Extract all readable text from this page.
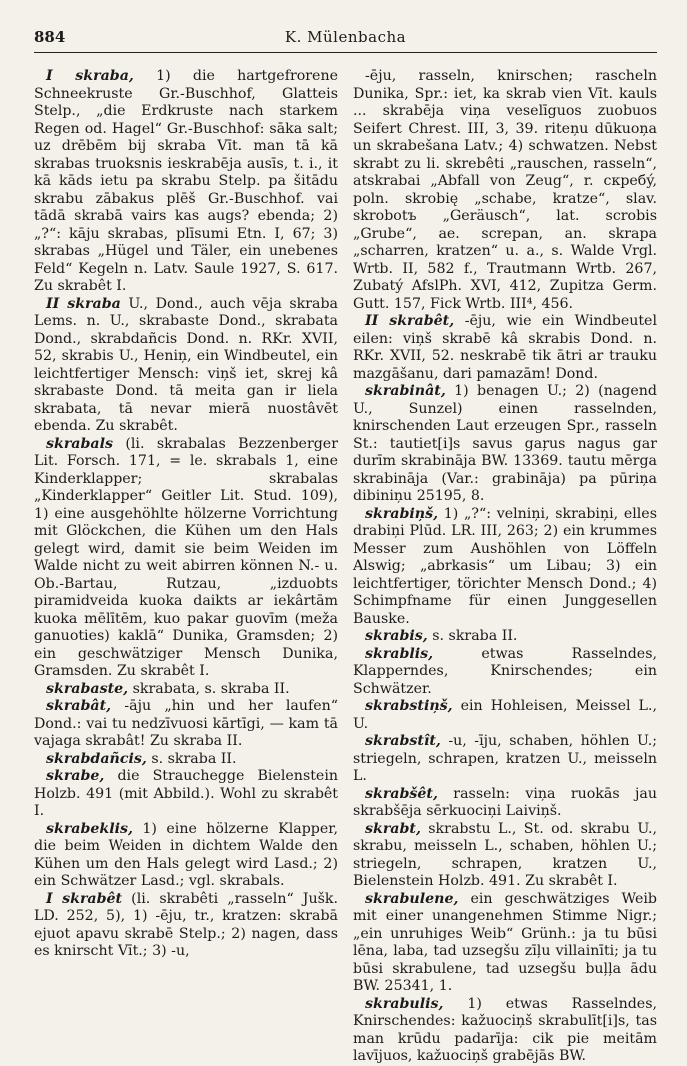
884	K. Mülenbacha

I skraba, 1) die hartgefrorene Schneekruste Gr.-Buschhof, Glatteis Stelp., „die Erdkruste nach starkem Regen od. Hagel“ Gr.-Buschhof: sāka salt; uz drēbēm bij skraba Vīt. man tā kā skrabas truoksnis ieskrabēja ausīs, t. i., it kā kāds ietu pa skrabu Stelp. pa šitādu skrabu zābakus plēš Gr.-Buschhof. vai tādā skrabā vairs kas augs? ebenda; 2) „?“: kāju skrabas, plīsumi Etn. I, 67; 3) skrabas „Hügel und Täler, ein unebenes Feld“ Kegeln n. Latv. Saule 1927, S. 617. Zu skrabêt I.

II skraba U., Dond., auch vēja skraba Lems. n. U., skrabaste Dond., skrabata Dond., skrabdañcis Dond. n. RKr. XVII, 52, skrabis U., Heniņ, ein Windbeutel, ein leichtfertiger Mensch: viņš iet, skrej kâ skrabaste Dond. tā meita gan ir liela skrabata, tā nevar mierā nuostâvēt ebenda. Zu skrabêt.

skrabals (li. skrabalas Bezzenberger Lit. Forsch. 171, = le. skrabals 1, eine Kinderklapper; skrabalas „Kinderklapper“ Geitler Lit. Stud. 109), 1) eine ausgehöhlte hölzerne Vorrichtung mit Glöckchen, die Kühen um den Hals gelegt wird, damit sie beim Weiden im Walde nicht zu weit abirren können N.- u. Ob.-Bartau, Rutzau, „izduobts piramidveida kuoka daikts ar iekârtām kuoka mēlītēm, kuo pakar guovīm (meža ganuoties) kaklā“ Dunika, Gramsden; 2) ein geschwätziger Mensch Dunika, Gramsden. Zu skrabêt I.

skrabaste, skrabata, s. skraba II.

skrabât, -āju „hin und her laufen“ Dond.: vai tu nedzīvuosi kārtīgi, — kam tā vajaga skrabât! Zu skraba II.

skrabdañcis, s. skraba II.

skrabe, die Strauchegge Bielenstein Holzb. 491 (mit Abbild.). Wohl zu skrabêt I.

skrabeklis, 1) eine hölzerne Klapper, die beim Weiden in dichtem Walde den Kühen um den Hals gelegt wird Lasd.; 2) ein Schwätzer Lasd.; vgl. skrabals.

I skrabêt (li. skrabêti „rasseln“ Jušk. LD. 252, 5), 1) -ēju, tr., kratzen: skrabā ejuot apavu skrabē Stelp.; 2) nagen, dass es knirscht Vīt.; 3) -u,

-ēju, rasseln, knirschen; rascheln Dunika, Spr.: iet, ka skrab vien Vīt. kauls ... skrabēja viņa veselīguos zuobuos Seifert Chrest. III, 3, 39. riteņu dūkuoņa un skrabešana Latv.; 4) schwatzen. Nebst skrabt zu li. skrebêti „rauschen, rasseln“, atskrabai „Abfall von Zeug“, r. скребý, poln. skrobię „schabe, kratze“, slav. skrobotъ „Geräusch“, lat. scrobis „Grube“, ae. screpan, an. skrapa „scharren, kratzen“ u. a., s. Walde Vrgl. Wrtb. II, 582 f., Trautmann Wrtb. 267, Zubatý AfslPh. XVI, 412, Zupitza Germ. Gutt. 157, Fick Wrtb. III⁴, 456.

II skrabêt, -ēju, wie ein Windbeutel eilen: viņš skrabē kâ skrabis Dond. n. RKr. XVII, 52. neskrabē tik ātri ar trauku mazgāšanu, dari pamazām! Dond.

skrabinât, 1) benagen U.; 2) (nagend U., Sunzel) einen rasselnden, knirschenden Laut erzeugen Spr., rasseln St.: tautiet[i]s savus gaŗus nagus gar durīm skrabināja BW. 13369. tautu mērga skrabināja (Var.: grabināja) pa pūriņa dibiniņu 25195, 8.

skrabiņš, 1) „?“: velniņi, skrabiņi, elles drabiņi Plūd. LR. III, 263; 2) ein krummes Messer zum Aushöhlen von Löffeln Alswig; „abrkasis“ um Libau; 3) ein leichtfertiger, törichter Mensch Dond.; 4) Schimpfname für einen Junggesellen Bauske.

skrabis, s. skraba II.

skrablis,	etwas Rasselndes, Klapperndes, Knirschendes; ein Schwätzer.

skrabstiņš, ein Hohleisen, Meissel L., U.

skrabstît, -u, -īju, schaben, höhlen U.; striegeln, schrapen, kratzen U., meisseln L.

skrabšêt, rasseln: viņa ruokās jau skrabšēja sērkuociņi Laiviņš.

skrabt, skrabstu L., St. od. skrabu U., skrabu, meisseln L., schaben, höhlen U.; striegeln, schrapen, kratzen U., Bielenstein Holzb. 491. Zu skrabêt I.

skrabulene, ein geschwätziges Weib mit einer unangenehmen Stimme Nigr.; „ein unruhiges Weib“ Grünh.: ja tu būsi lēna, laba, tad uzsegšu zīļu villainīti; ja tu būsi skrabulene, tad uzsegšu buļļa ādu BW. 25341, 1.

skrabulis, 1) etwas Rasselndes, Knirschendes: kažuociņš skrabulīt[i]s, tas man krūdu padarīja: cik pie meitām lavījuos, kažuociņš grabējās BW.
